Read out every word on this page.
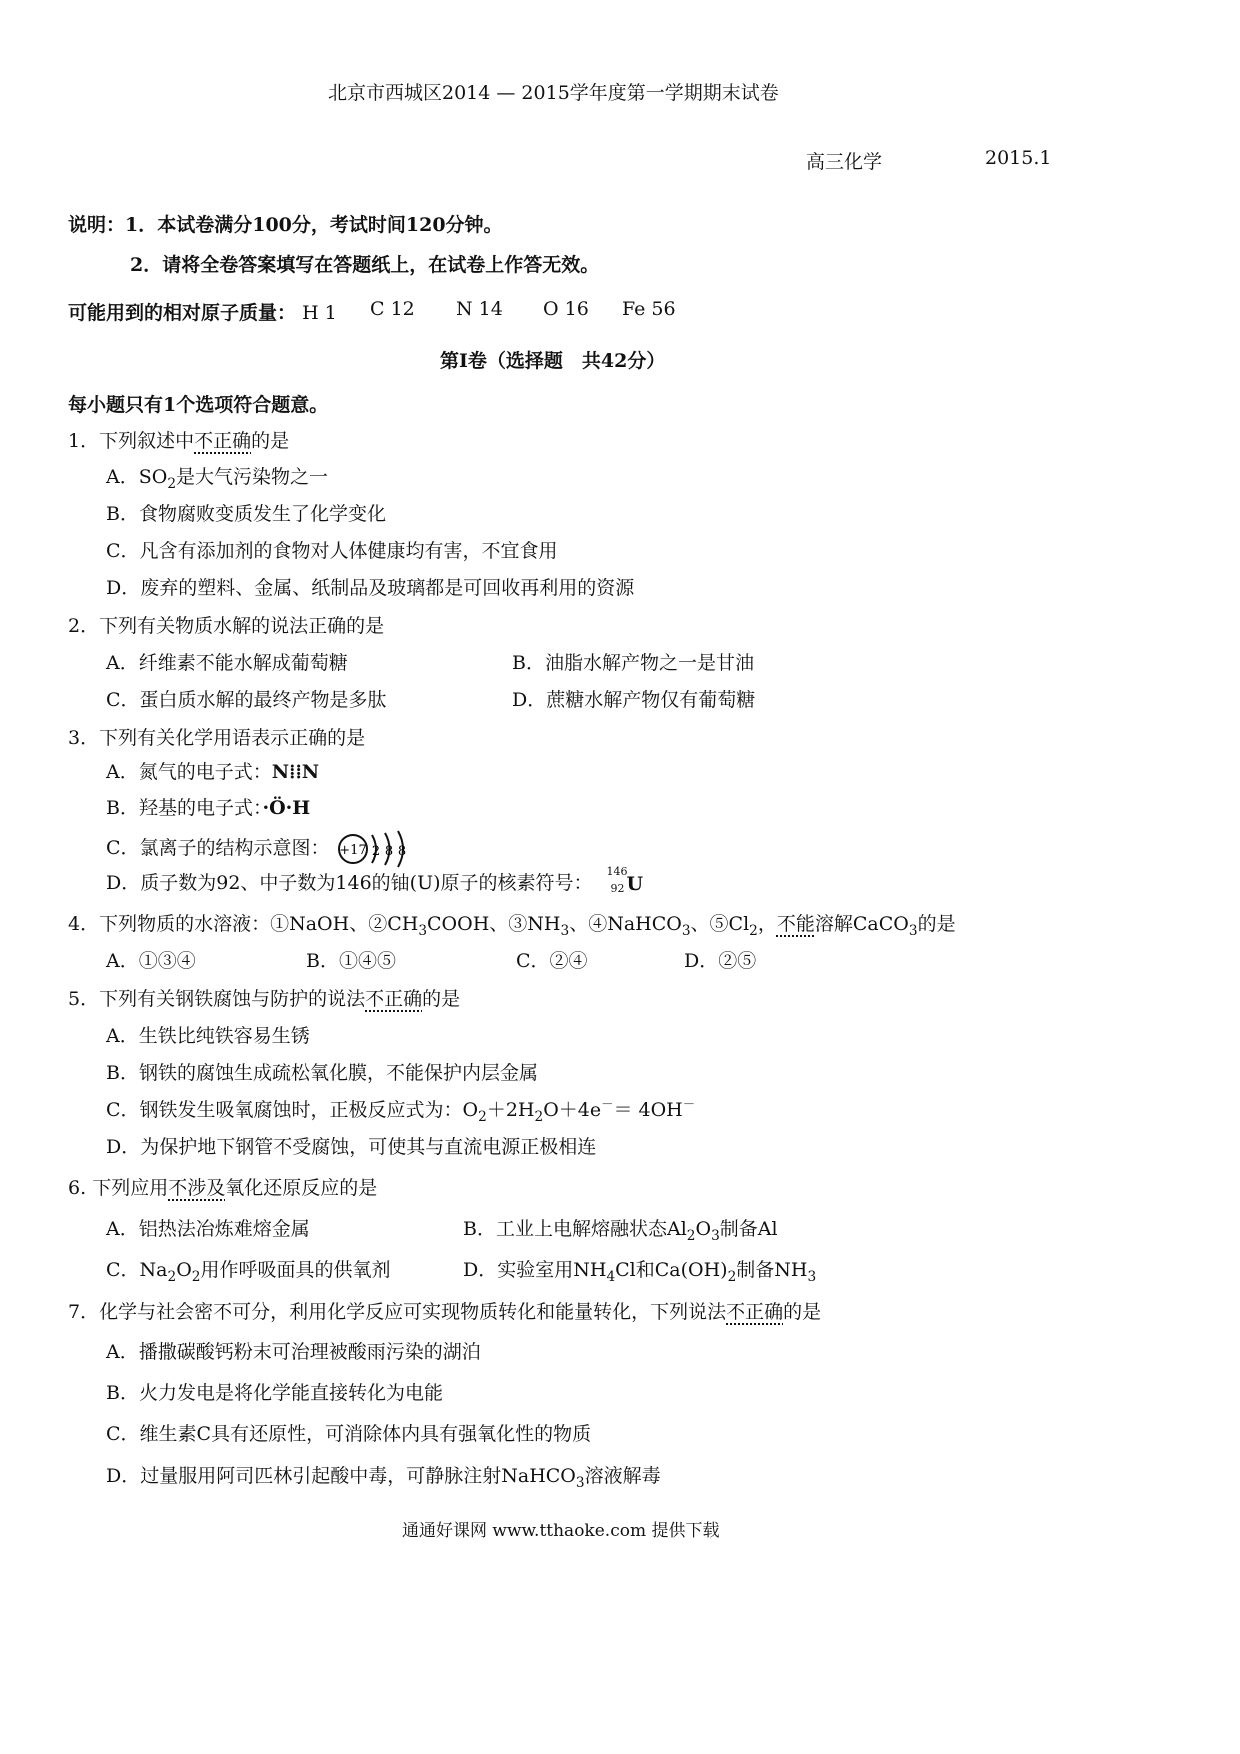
北京市西城区2014 — 2015学年度第一学期期末试卷
高三化学	2015.1
说明：1．本试卷满分100分，考试时间120分钟。
2．请将全卷答案填写在答题纸上，在试卷上作答无效。
可能用到的相对原子质量： H 1 C 12 N 14 O 16 Fe 56
第Ⅰ卷（选择题　共42分）
每小题只有1个选项符合题意。
1．下列叙述中不正确的是
A．$SO_2$是大气污染物之一
B．食物腐败变质发生了化学变化
C．凡含有添加剂的食物对人体健康均有害，不宜食用
D．废弃的塑料、金属、纸制品及玻璃都是可回收再利用的资源
2．下列有关物质水解的说法正确的是
A．纤维素不能水解成葡萄糖	B．油脂水解产物之一是甘油
C．蛋白质水解的最终产物是多肽	D．蔗糖水解产物仅有葡萄糖
3．下列有关化学用语表示正确的是
A．氮气的电子式：N⁞⁞N
B．羟基的电子式：·Ö·H
C．氯离子的结构示意图： +17 2 8 8
D．质子数为92、中子数为146的铀(U)原子的核素符号：
146
92 U
4．下列物质的水溶液：①NaOH、$②CH_3COOH$、$③NH_3$、④NaHCO$_3$、$⑤Cl_2$，不能溶解CaCO$_3$的是
A．①③④	B．①④⑤	C．②④	D．②⑤
5．下列有关钢铁腐蚀与防护的说法不正确的是
A．生铁比纯铁容易生锈
B．钢铁的腐蚀生成疏松氧化膜，不能保护内层金属
C．钢铁发生吸氧腐蚀时，正极反应式为：$O_2+2H_2O+4e^-= 4OH^-$
D．为保护地下钢管不受腐蚀，可使其与直流电源正极相连
6. 下列应用不涉及氧化还原反应的是
A．铝热法冶炼难熔金属	B．工业上电解熔融状态$Al_2O_3$制备Al
C．$Na_2O_2$用作呼吸面具的供氧剂	D．实验室用$NH_4Cl$和$Ca(OH)_2$制备$NH_3$
7．化学与社会密不可分，利用化学反应可实现物质转化和能量转化，下列说法不正确的是
A．播撒碳酸钙粉末可治理被酸雨污染的湖泊
B．火力发电是将化学能直接转化为电能
C．维生素C具有还原性，可消除体内具有强氧化性的物质
D．过量服用阿司匹林引起酸中毒，可静脉注射NaHCO$_3$溶液解毒
通通好课网 www.tthaoke.com 提供下载
